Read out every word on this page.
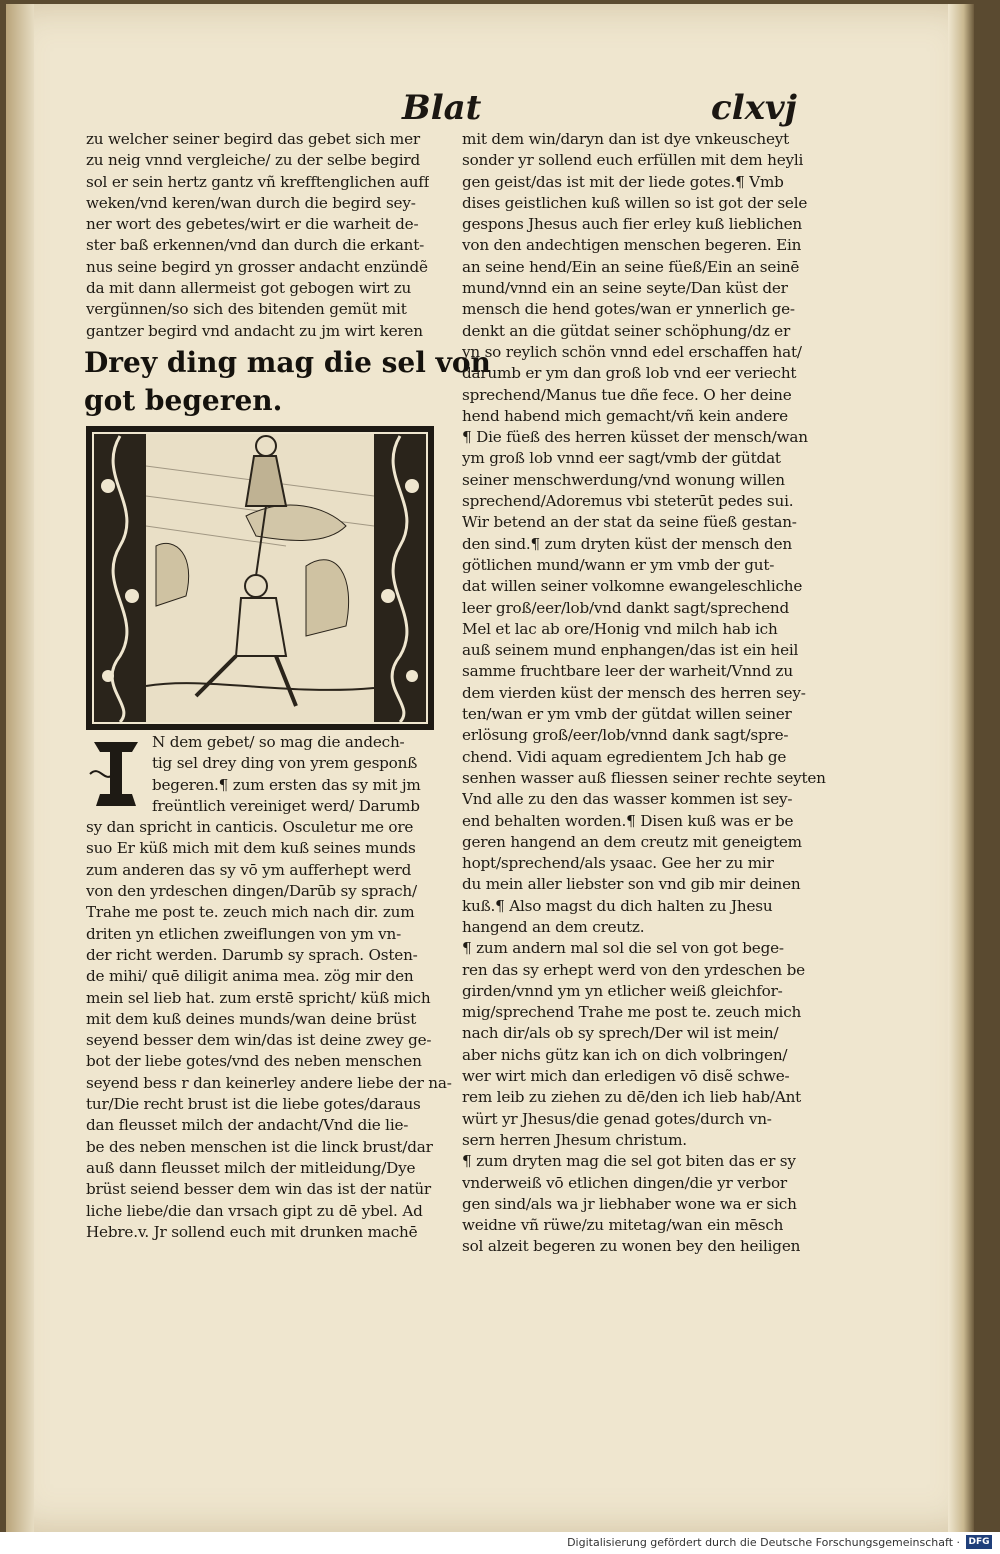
Blat	clxvj
zu welcher seiner begird das gebet sich mer
zu neig vnnd vergleiche/ zu der selbe begird
sol er sein hertz gantz vñ krefftenglichen auff
weken/vnd keren/wan durch die begird sey-
ner wort des gebetes/wirt er die warheit de-
ster baß erkennen/vnd dan durch die erkant-
nus seine begird yn grosser andacht enzündẽ
da mit dann allermeist got gebogen wirt zu
vergünnen/so sich des bitenden gemüt mit
gantzer begird vnd andacht zu jm wirt keren
Drey ding mag die sel von
got begeren.
N dem gebet/ so mag die andech-
tig sel drey ding von yrem gesponß
begeren.¶ zum ersten das sy mit jm
freüntlich vereiniget werd/ Darumb
sy dan spricht in canticis. Osculetur me ore
suo Er küß mich mit dem kuß seines munds
zum anderen das sy vō ym aufferhept werd
von den yrdeschen dingen/Darūb sy sprach/
Trahe me post te. zeuch mich nach dir. zum
driten yn etlichen zweiflungen von ym vn-
der richt werden. Darumb sy sprach. Osten-
de mihi/ quē diligit anima mea. zög mir den
mein sel lieb hat. zum erstē spricht/ küß mich
mit dem kuß deines munds/wan deine brüst
seyend besser dem win/das ist deine zwey ge-
bot der liebe gotes/vnd des neben menschen
seyend bess r dan keinerley andere liebe der na-
tur/Die recht brust ist die liebe gotes/daraus
dan fleusset milch der andacht/Vnd die lie-
be des neben menschen ist die linck brust/dar
auß dann fleusset milch der mitleidung/Dye
brüst seiend besser dem win das ist der natür
liche liebe/die dan vrsach gipt zu dē ybel. Ad
Hebre.v. Jr sollend euch mit drunken machē
mit dem win/daryn dan ist dye vnkeuscheyt
sonder yr sollend euch erfüllen mit dem heyli
gen geist/das ist mit der liede gotes.¶ Vmb
dises geistlichen kuß willen so ist got der sele
gespons Jhesus auch fier erley kuß lieblichen
von den andechtigen menschen begeren. Ein
an seine hend/Ein an seine füeß/Ein an seinē
mund/vnnd ein an seine seyte/Dan küst der
mensch die hend gotes/wan er ynnerlich ge-
denkt an die gütdat seiner schöphung/dz er
yn so reylich schön vnnd edel erschaffen hat/
darumb er ym dan groß lob vnd eer veriecht
sprechend/Manus tue dñe fece. O her deine
hend habend mich gemacht/vñ kein andere
¶ Die füeß des herren küsset der mensch/wan
ym groß lob vnnd eer sagt/vmb der gütdat
seiner menschwerdung/vnd wonung willen
sprechend/Adoremus vbi steterūt pedes sui.
Wir betend an der stat da seine füeß gestan-
den sind.¶ zum dryten küst der mensch den
götlichen mund/wann er ym vmb der gut-
dat willen seiner volkomne ewangeleschliche
leer groß/eer/lob/vnd dankt sagt/sprechend
Mel et lac ab ore/Honig vnd milch hab ich
auß seinem mund enphangen/das ist ein heil
samme fruchtbare leer der warheit/Vnnd zu
dem vierden küst der mensch des herren sey-
ten/wan er ym vmb der gütdat willen seiner
erlösung groß/eer/lob/vnnd dank sagt/spre-
chend. Vidi aquam egredientem Jch hab ge
senhen wasser auß fliessen seiner rechte seyten
Vnd alle zu den das wasser kommen ist sey-
end behalten worden.¶ Disen kuß was er be
geren hangend an dem creutz mit geneigtem
hopt/sprechend/als ysaac. Gee her zu mir
du mein aller liebster son vnd gib mir deinen
kuß.¶ Also magst du dich halten zu Jhesu
hangend an dem creutz.
¶ zum andern mal sol die sel von got bege-
ren das sy erhept werd von den yrdeschen be
girden/vnnd ym yn etlicher weiß gleichfor-
mig/sprechend Trahe me post te. zeuch mich
nach dir/als ob sy sprech/Der wil ist mein/
aber nichs gütz kan ich on dich volbringen/
wer wirt mich dan erledigen vō disẽ schwe-
rem leib zu ziehen zu dē/den ich lieb hab/Ant
würt yr Jhesus/die genad gotes/durch vn-
sern herren Jhesum christum.
¶ zum dryten mag die sel got biten das er sy
vnderweiß vō etlichen dingen/die yr verbor
gen sind/als wa jr liebhaber wone wa er sich
weidne vñ rüwe/zu mitetag/wan ein mēsch
sol alzeit begeren zu wonen bey den heiligen
Digitalisierung gefördert durch die Deutsche Forschungsgemeinschaft · DFG
